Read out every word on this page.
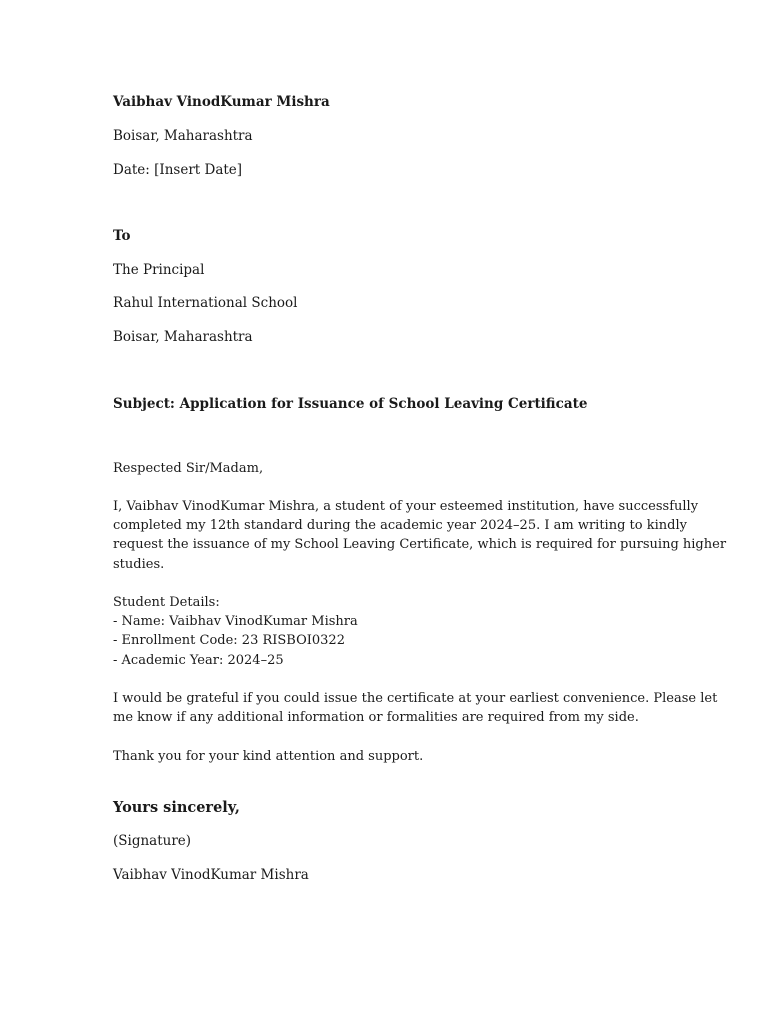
Vaibhav VinodKumar Mishra
Boisar, Maharashtra
Date: [Insert Date]
To
The Principal
Rahul International School
Boisar, Maharashtra
Subject: Application for Issuance of School Leaving Certificate
Respected Sir/Madam,
I, Vaibhav VinodKumar Mishra, a student of your esteemed institution, have successfully
completed my 12th standard during the academic year 2024–25. I am writing to kindly
request the issuance of my School Leaving Certificate, which is required for pursuing higher
studies.
Student Details:
- Name: Vaibhav VinodKumar Mishra
- Enrollment Code: 23 RISBOI0322
- Academic Year: 2024–25
I would be grateful if you could issue the certificate at your earliest convenience. Please let
me know if any additional information or formalities are required from my side.
Thank you for your kind attention and support.
Yours sincerely,
(Signature)
Vaibhav VinodKumar Mishra
